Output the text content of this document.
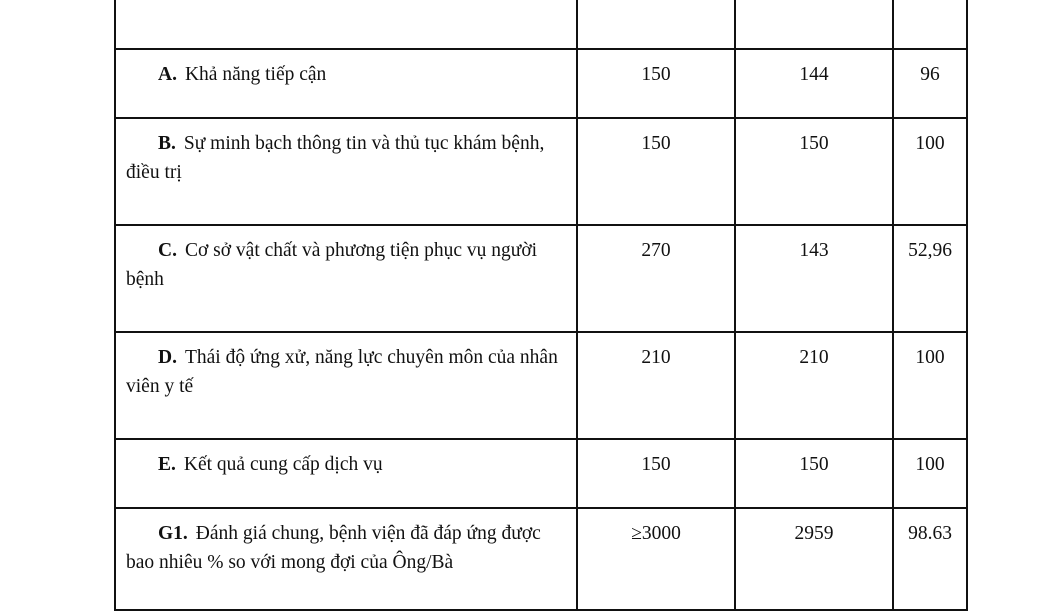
A. Khả năng tiếp cận	150	144	96
B. Sự minh bạch thông tin và thủ tục khám bệnh, điều trị	150	150	100
C. Cơ sở vật chất và phương tiện phục vụ người bệnh	270	143	52,96
D. Thái độ ứng xử, năng lực chuyên môn của nhân viên y tế	210	210	100
E. Kết quả cung cấp dịch vụ	150	150	100
G1. Đánh giá chung, bệnh viện đã đáp ứng được bao nhiêu % so với mong đợi của Ông/Bà	≥3000	2959	98.63
